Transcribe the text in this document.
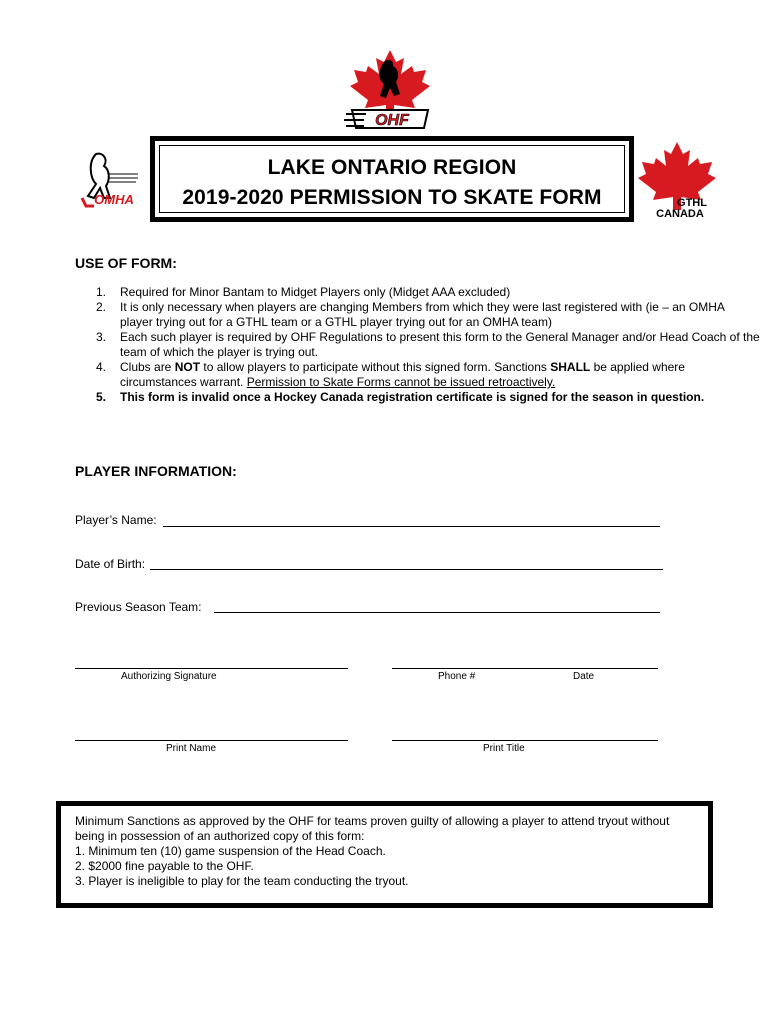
OHF
OMHA
LAKE ONTARIO REGION
2019-2020 PERMISSION TO SKATE FORM	GTHL
CANADA
USE OF FORM:
1. Required for Minor Bantam to Midget Players only (Midget AAA excluded)
2. It is only necessary when players are changing Members from which they were last registered with (ie – an OMHA player trying out for a GTHL team or a GTHL player trying out for an OMHA team)
3. Each such player is required by OHF Regulations to present this form to the General Manager and/or Head Coach of the team of which the player is trying out.
4. Clubs are NOT to allow players to participate without this signed form. Sanctions SHALL be applied where circumstances warrant. Permission to Skate Forms cannot be issued retroactively.
5. This form is invalid once a Hockey Canada registration certificate is signed for the season in question.
PLAYER INFORMATION:
Player’s Name:
Date of Birth:
Previous Season Team:
Authorizing Signature	Phone #	Date
Print Name	Print Title
Minimum Sanctions as approved by the OHF for teams proven guilty of allowing a player to attend tryout without being in possession of an authorized copy of this form:
1. Minimum ten (10) game suspension of the Head Coach.
2. $2000 fine payable to the OHF.
3. Player is ineligible to play for the team conducting the tryout.
